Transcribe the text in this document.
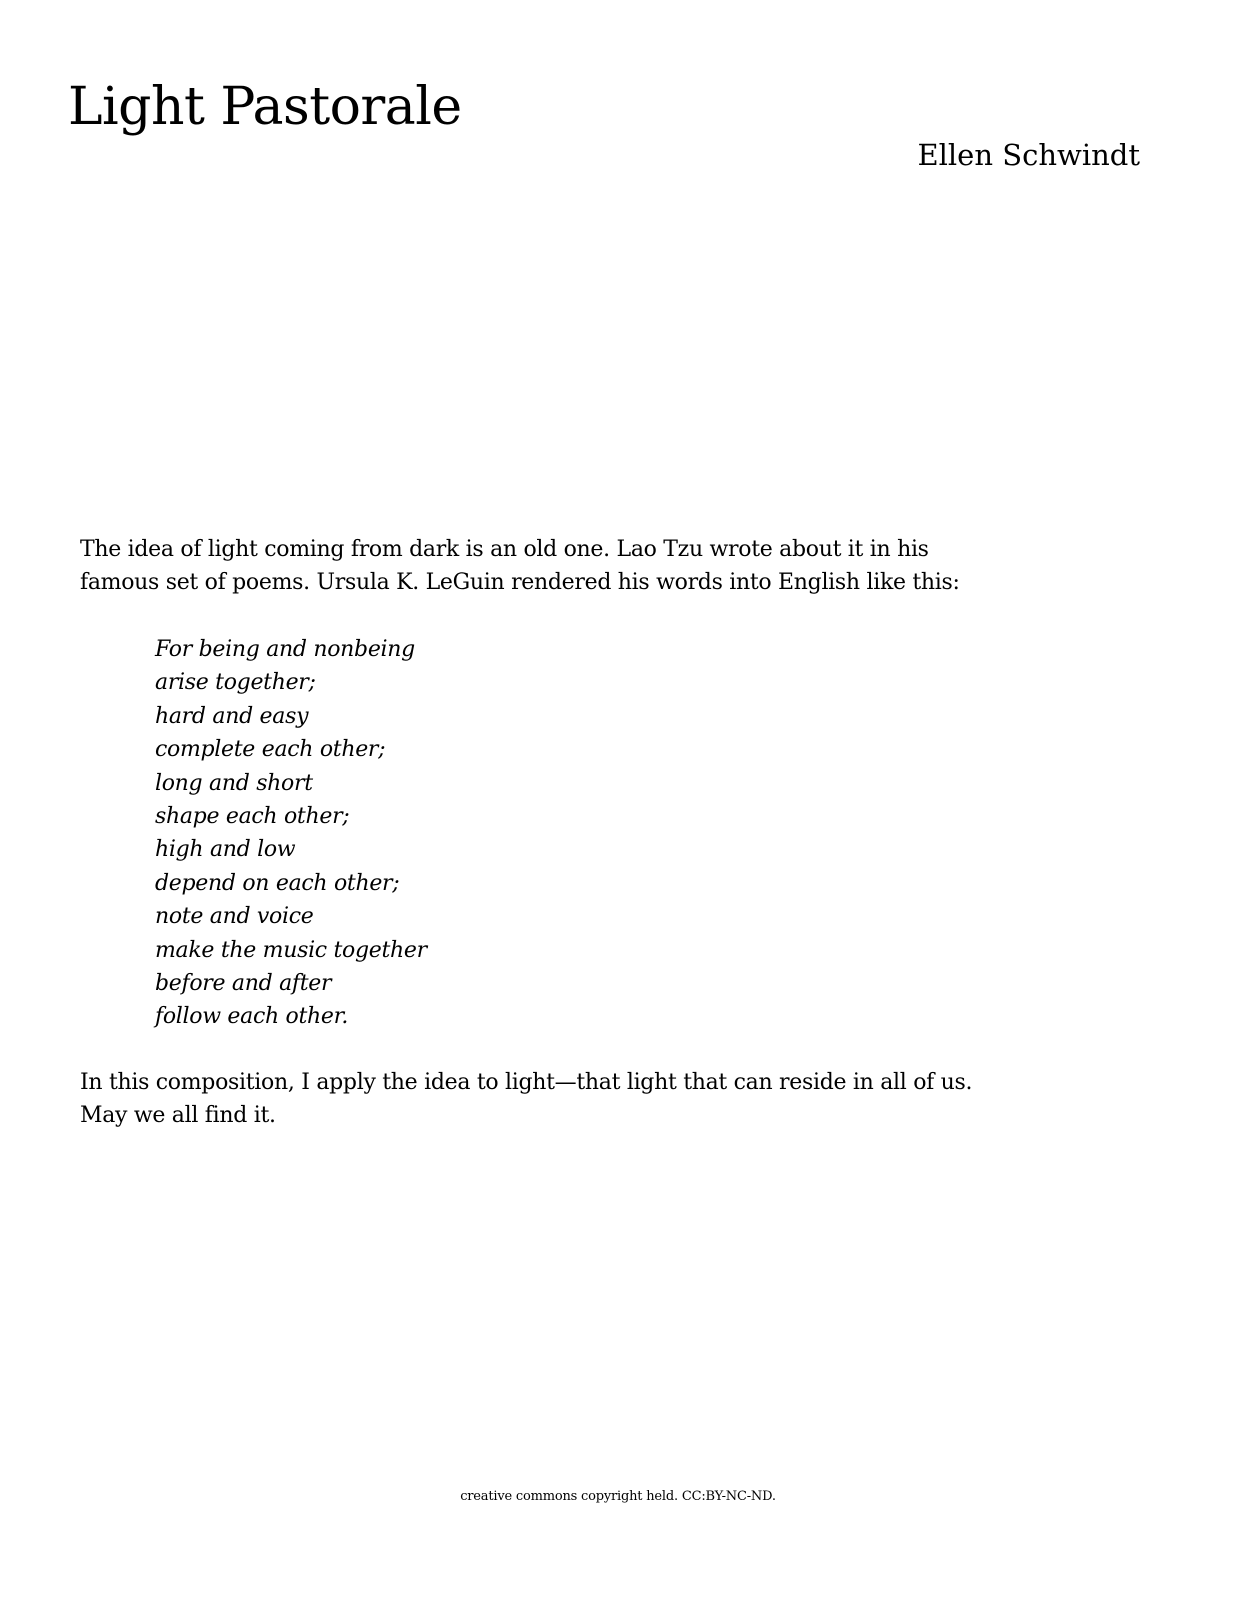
Light Pastorale
Ellen Schwindt

The idea of light coming from dark is an old one. Lao Tzu wrote about it in his

famous set of poems. Ursula K. LeGuin rendered his words into English like this:

For being and nonbeing
arise together;
hard and easy
complete each other;
long and short
shape each other;
high and low
depend on each other;
note and voice
make the music together
before and after
follow each other.

In this composition, I apply the idea to light—that light that can reside in all of us.

May we all find it.

creative commons copyright held. CC:BY-NC-ND.
